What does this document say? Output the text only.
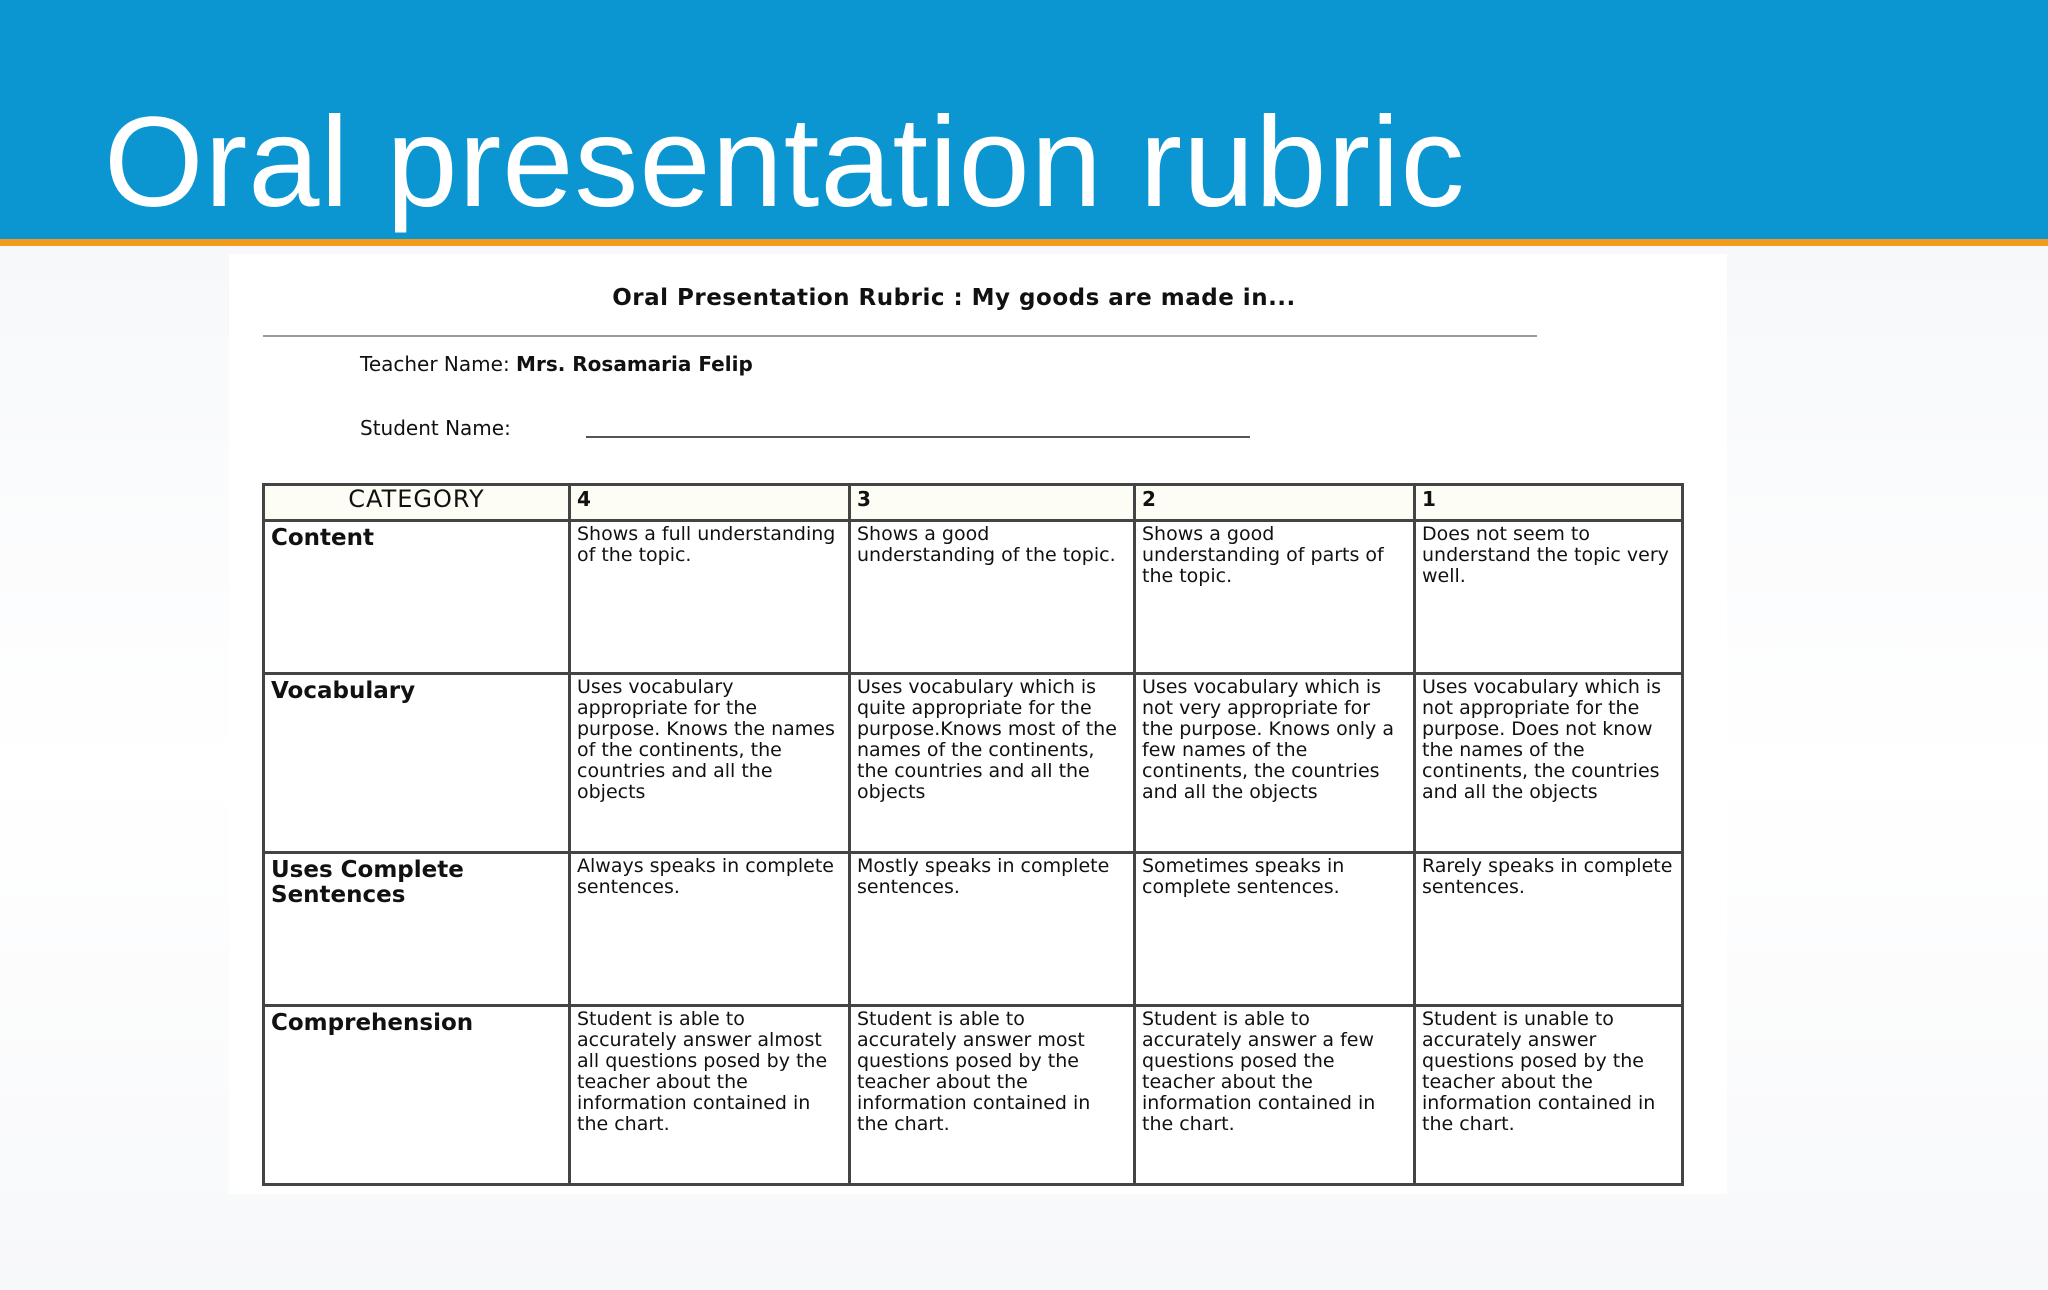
Oral presentation rubric
Oral Presentation Rubric : My goods are made in...
Teacher Name: Mrs. Rosamaria Felip
Student Name:
CATEGORY	4	3	2	1
Content	Shows a full understanding of the topic.	Shows a good understanding of the topic.	Shows a good understanding of parts of the topic.	Does not seem to understand the topic very well.
Vocabulary	Uses vocabulary appropriate for the purpose. Knows the names of the continents, the countries and all the objects	Uses vocabulary which is quite appropriate for the purpose.Knows most of the names of the continents, the countries and all the objects	Uses vocabulary which is not very appropriate for the purpose. Knows only a few names of the continents, the countries and all the objects	Uses vocabulary which is not appropriate for the purpose. Does not know the names of the continents, the countries and all the objects
Uses Complete Sentences	Always speaks in complete sentences.	Mostly speaks in complete sentences.	Sometimes speaks in complete sentences.	Rarely speaks in complete sentences.
Comprehension	Student is able to accurately answer almost all questions posed by the teacher about the information contained in the chart.	Student is able to accurately answer most questions posed by the teacher about the information contained in the chart.	Student is able to accurately answer a few questions posed the teacher about the information contained in the chart.	Student is unable to accurately answer questions posed by the teacher about the information contained in the chart.
